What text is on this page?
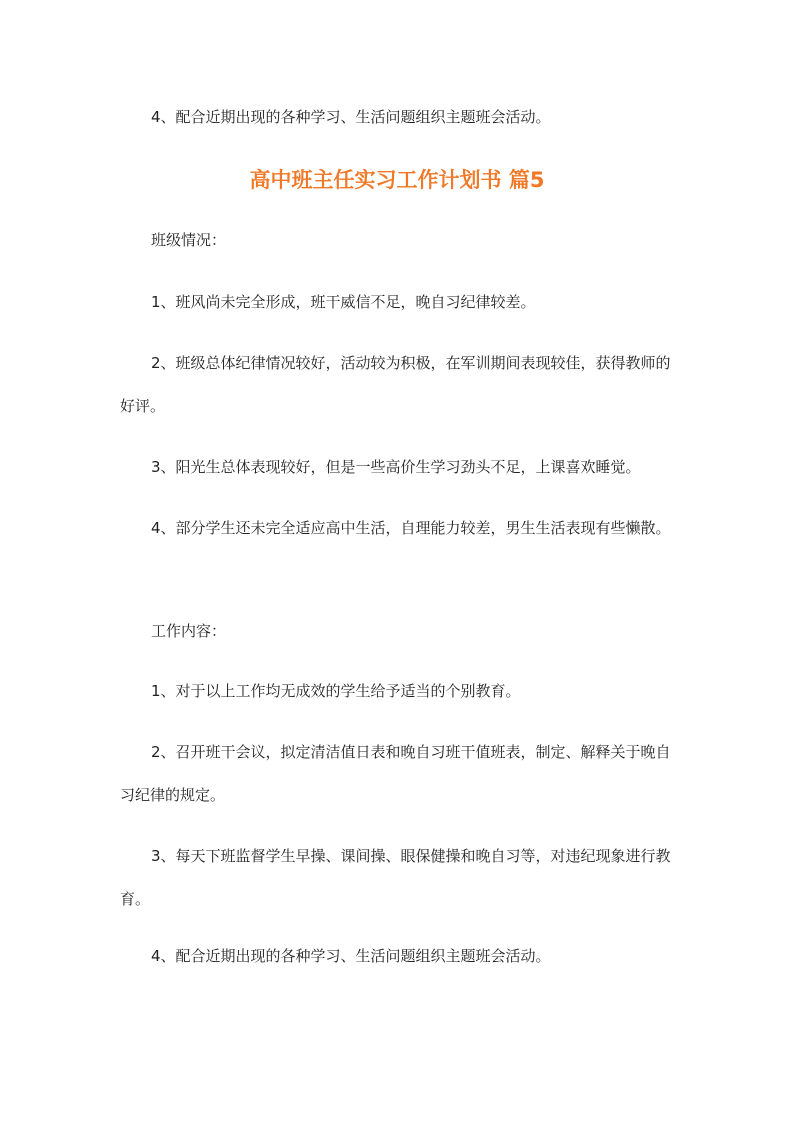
4、配合近期出现的各种学习、生活问题组织主题班会活动。

高中班主任实习工作计划书 篇5

班级情况：

1、班风尚未完全形成，班干威信不足，晚自习纪律较差。

2、班级总体纪律情况较好，活动较为积极，在军训期间表现较佳，获得教师的好评。

3、阳光生总体表现较好，但是一些高价生学习劲头不足，上课喜欢睡觉。

4、部分学生还未完全适应高中生活，自理能力较差，男生生活表现有些懒散。

工作内容：

1、对于以上工作均无成效的学生给予适当的个别教育。

2、召开班干会议，拟定清洁值日表和晚自习班干值班表，制定、解释关于晚自习纪律的规定。

3、每天下班监督学生早操、课间操、眼保健操和晚自习等，对违纪现象进行教育。

4、配合近期出现的各种学习、生活问题组织主题班会活动。
